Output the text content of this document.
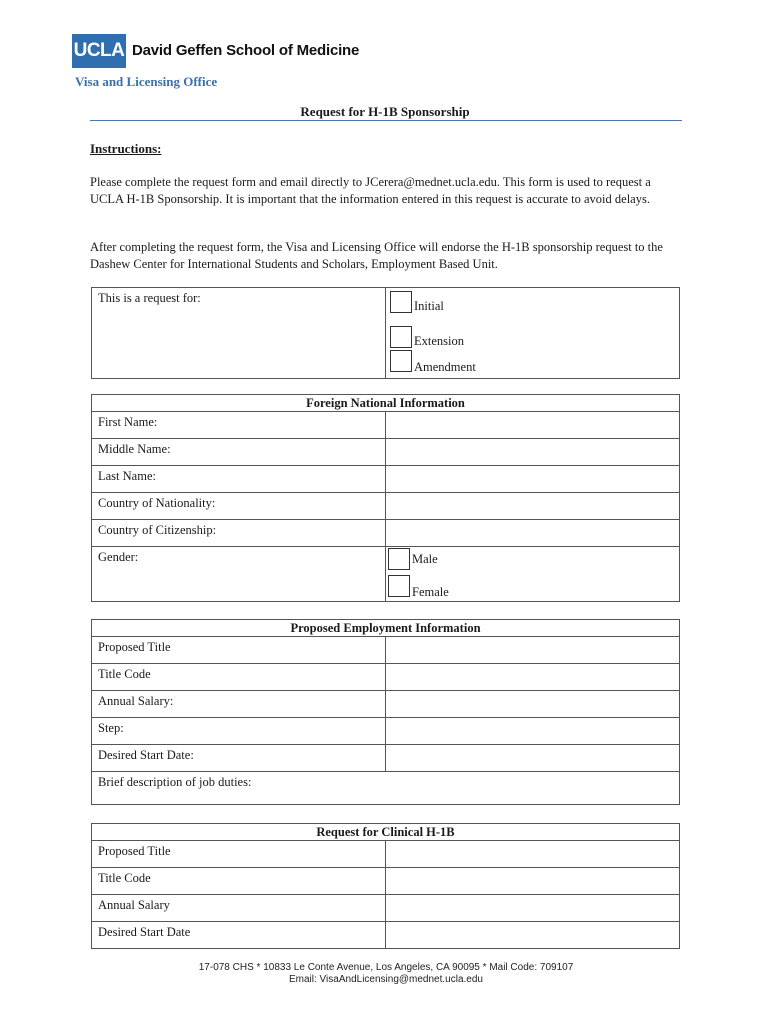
UCLA David Geffen School of Medicine
Visa and Licensing Office
Request for H-1B Sponsorship
Instructions:
Please complete the request form and email directly to JCerera@mednet.ucla.edu. This form is used to request a UCLA H-1B Sponsorship. It is important that the information entered in this request is accurate to avoid delays.
After completing the request form, the Visa and Licensing Office will endorse the H-1B sponsorship request to the Dashew Center for International Students and Scholars, Employment Based Unit.
This is a request for:	
Initial
Extension
Amendment
Foreign National Information	
First Name:	
Middle Name:	
Last Name:	
Country of Nationality:	
Country of Citizenship:	
Gender:	Male
Female
Proposed Employment Information	
Proposed Title	
Title Code	
Annual Salary:	
Step:	
Desired Start Date:	
Brief description of job duties:	
Request for Clinical H-1B	
Proposed Title	
Title Code	
Annual Salary	
Desired Start Date	
17-078 CHS * 10833 Le Conte Avenue, Los Angeles, CA 90095 * Mail Code: 709107
Email: VisaAndLicensing@mednet.ucla.edu
